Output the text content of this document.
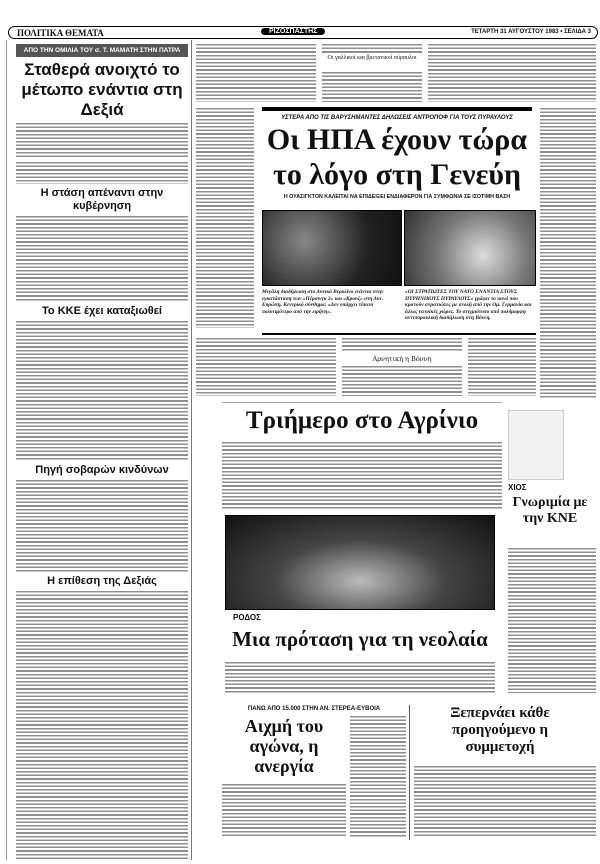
ΠΟΛΙΤΙΚΑ ΘΕΜΑΤΑ	ΡΙΖΟΣΠΑΣΤΗΣ	ΤΕΤΑΡΤΗ 31 ΑΥΓΟΥΣΤΟΥ 1983 • ΣΕΛΙΔΑ 3
ΑΠΟ ΤΗΝ ΟΜΙΛΙΑ ΤΟΥ σ. Τ. ΜΑΜΑΤΗ ΣΤΗΝ ΠΑΤΡΑ
Σταθερά ανοιχτό το μέτωπο ενάντια στη Δεξιά
Η στάση απέναντι στην κυβέρνηση
Το ΚΚΕ έχει καταξιωθεί
Πηγή σοβαρών κινδύνων
Η επίθεση της Δεξιάς
Οι γαλλικοί και βρετανικοί πύραυλοι
ΥΣΤΕΡΑ ΑΠΟ ΤΙΣ ΒΑΡΥΣΗΜΑΝΤΕΣ ΔΗΛΩΣΕΙΣ ΑΝΤΡΟΠΟΦ ΓΙΑ ΤΟΥΣ ΠΥΡΑΥΛΟΥΣ
Οι ΗΠΑ έχουν τώρα
το λόγο στη Γενεύη
Η ΟΥΑΣΙΓΚΤΟΝ ΚΑΛΕΙΤΑΙ ΝΑ ΕΠΙΔΕΙΞΕΙ ΕΝΔΙΑΦΕΡΟΝ ΓΙΑ ΣΥΜΦΩΝΙΑ ΣΕ ΙΣΟΤΙΜΗ ΒΑΣΗ
Μεγάλη διαδήλωση στο Δυτικό Βερολίνο ενάντια στην εγκατάσταση των «Πέρσινγκ 2» και «Κρουζ» στη Δυτ. Ευρώπη. Κεντρικό σύνθημα: «Δεν υπάρχει τίποτα πολυτιμότερο από την ειρήνη».
«ΟΙ ΣΤΡΑΤΙΩΤΕΣ ΤΟΥ ΝΑΤΟ ΕΝΑΝΤΙΑ ΣΤΟΥΣ ΠΥΡΗΝΙΚΟΥΣ ΠΥΡΑΥΛΟΥΣ» γράφει το πανό που κρατούν στρατιώτες με στολή από την Ομ. Γερμανία και άλλες νατοϊκές χώρες. Το στιγμιότυπο από πολύμορφη αντιπυραυλική διαδήλωση στη Βόννη.
Αρνητική η Βόννη
Τριήμερο στο Αγρίνιο
ΧΙΟΣ
Γνωριμία με την ΚΝΕ
ΡΟΔΟΣ
Μια πρόταση για τη νεολαία
ΠΑΝΩ ΑΠΟ 15.000 ΣΤΗΝ ΑΝ. ΣΤΕΡΕΑ-ΕΥΒΟΙΑ
Αιχμή του αγώνα, η ανεργία
Ξεπερνάει κάθε προηγούμενο η συμμετοχή
